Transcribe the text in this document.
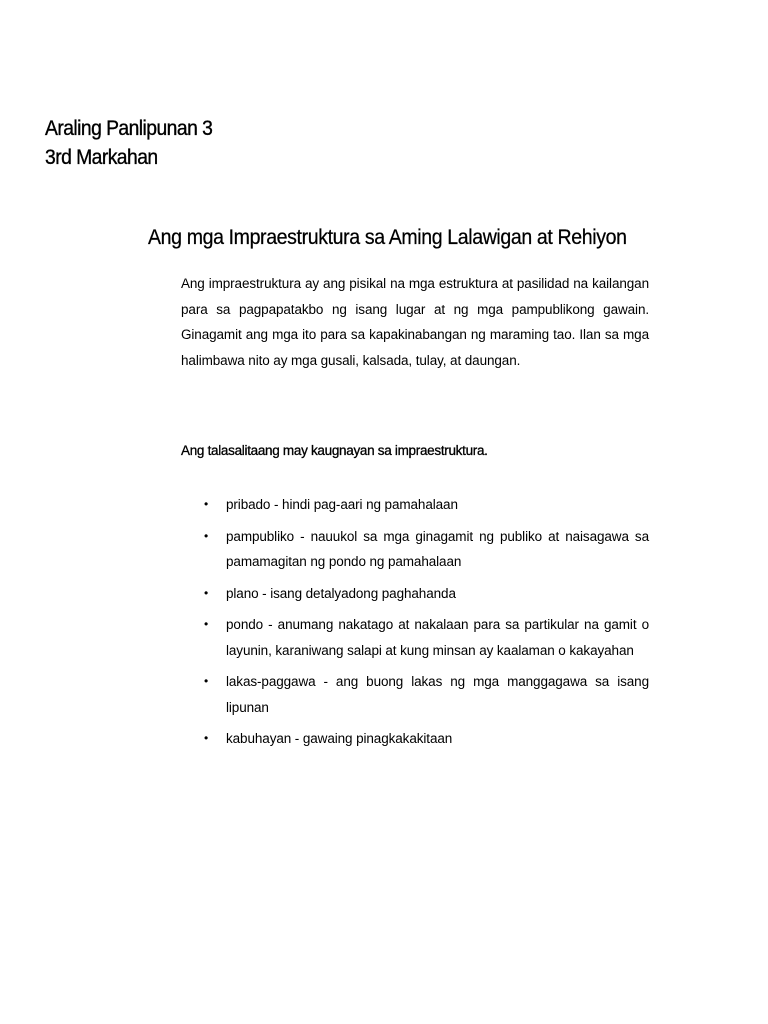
Araling Panlipunan 3
3rd Markahan
Ang mga Impraestruktura sa Aming Lalawigan at Rehiyon

Ang impraestruktura ay ang pisikal na mga estruktura at pasilidad na kailangan para sa pagpapatakbo ng isang lugar at ng mga pampublikong gawain. Ginagamit ang mga ito para sa kapakinabangan ng maraming tao. Ilan sa mga halimbawa nito ay mga gusali, kalsada, tulay, at daungan.

Ang talasalitaang may kaugnayan sa impraestruktura.
• pribado - hindi pag-aari ng pamahalaan
• pampubliko - nauukol sa mga ginagamit ng publiko at naisagawa sa pamamagitan ng pondo ng pamahalaan
• plano - isang detalyadong paghahanda
• pondo - anumang nakatago at nakalaan para sa partikular na gamit o layunin, karaniwang salapi at kung minsan ay kaalaman o kakayahan
• lakas-paggawa - ang buong lakas ng mga manggagawa sa isang lipunan
• kabuhayan - gawaing pinagkakakitaan
